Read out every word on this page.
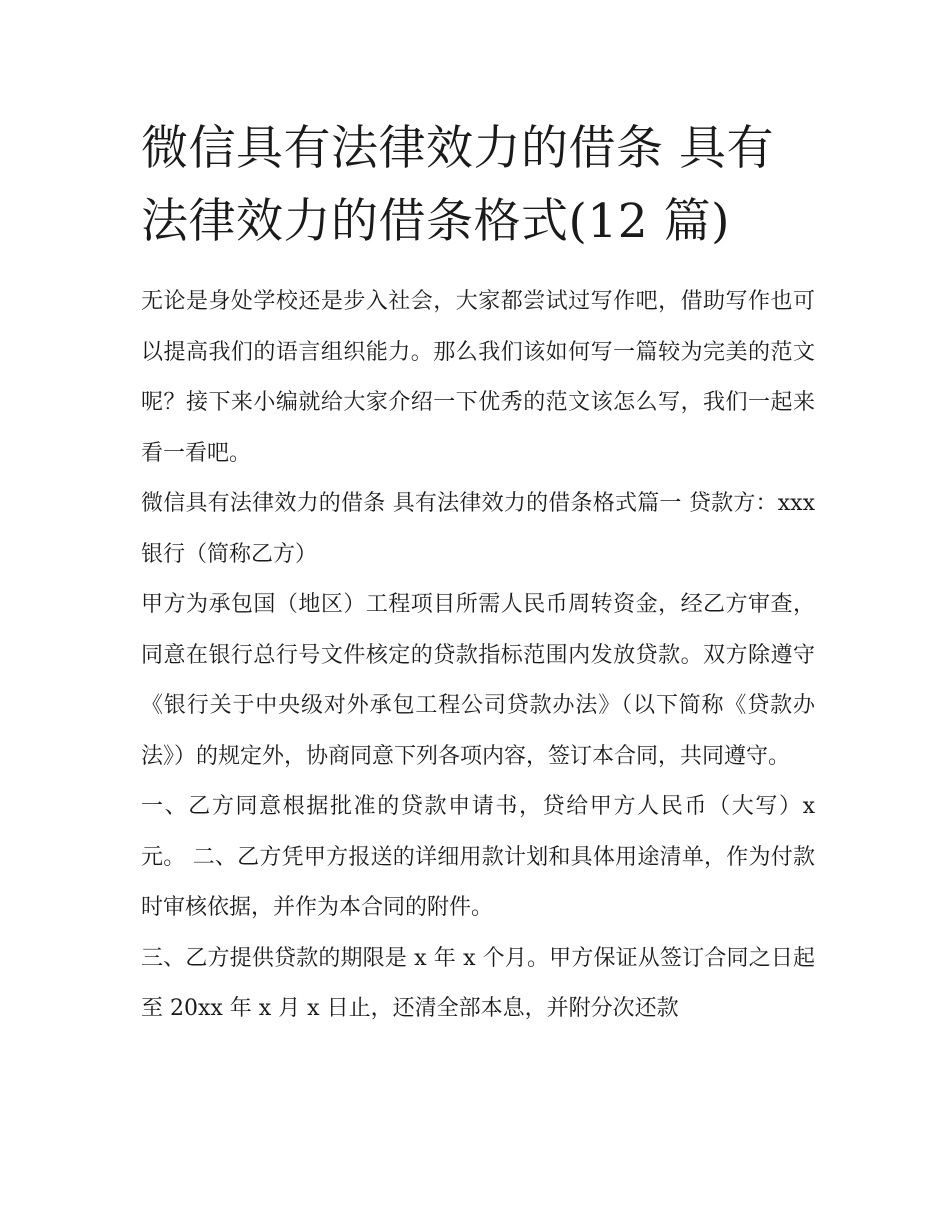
微信具有法律效力的借条 具有法律效力的借条格式(12 篇)

无论是身处学校还是步入社会，大家都尝试过写作吧，借助写作也可以提高我们的语言组织能力。那么我们该如何写一篇较为完美的范文呢？接下来小编就给大家介绍一下优秀的范文该怎么写，我们一起来看一看吧。

微信具有法律效力的借条 具有法律效力的借条格式篇一 贷款方：xxx 银行（简称乙方）

甲方为承包国（地区）工程项目所需人民币周转资金，经乙方审查，同意在银行总行号文件核定的贷款指标范围内发放贷款。双方除遵守《银行关于中央级对外承包工程公司贷款办法》（以下简称《贷款办法》）的规定外，协商同意下列各项内容，签订本合同，共同遵守。

一、乙方同意根据批准的贷款申请书，贷给甲方人民币（大写）x 元。 二、乙方凭甲方报送的详细用款计划和具体用途清单，作为付款时审核依据，并作为本合同的附件。

三、乙方提供贷款的期限是 x 年 x 个月。甲方保证从签订合同之日起至 20xx 年 x 月 x 日止，还清全部本息，并附分次还款
